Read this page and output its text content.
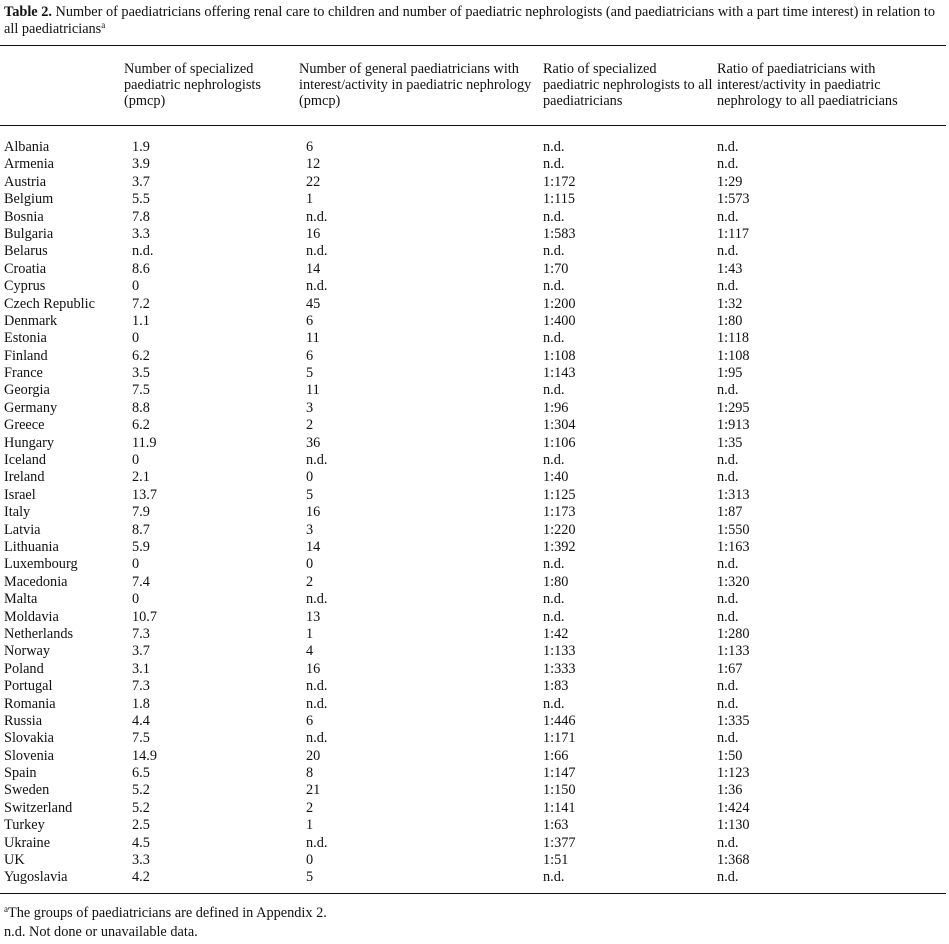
Table 2. Number of paediatricians offering renal care to children and number of paediatric nephrologists (and paediatricians with a part time interest) in relation to all paediatricians$^a$
Number of specialized paediatric nephrologists (pmcp)
Number of general paediatricians with interest/activity in paediatric nephrology (pmcp)
Ratio of specialized paediatric nephrologists to all paediatricians
Ratio of paediatricians with interest/activity in paediatric nephrology to all paediatricians
Albania	1.9	6	n.d.	n.d.
Armenia	3.9	12	n.d.	n.d.
Austria	3.7	22	1:172	1:29
Belgium	5.5	1	1:115	1:573
Bosnia	7.8	n.d.	n.d.	n.d.
Bulgaria	3.3	16	1:583	1:117
Belarus	n.d.	n.d.	n.d.	n.d.
Croatia	8.6	14	1:70	1:43
Cyprus	0	n.d.	n.d.	n.d.
Czech Republic	7.2	45	1:200	1:32
Denmark	1.1	6	1:400	1:80
Estonia	0	11	n.d.	1:118
Finland	6.2	6	1:108	1:108
France	3.5	5	1:143	1:95
Georgia	7.5	11	n.d.	n.d.
Germany	8.8	3	1:96	1:295
Greece	6.2	2	1:304	1:913
Hungary	11.9	36	1:106	1:35
Iceland	0	n.d.	n.d.	n.d.
Ireland	2.1	0	1:40	n.d.
Israel	13.7	5	1:125	1:313
Italy	7.9	16	1:173	1:87
Latvia	8.7	3	1:220	1:550
Lithuania	5.9	14	1:392	1:163
Luxembourg	0	0	n.d.	n.d.
Macedonia	7.4	2	1:80	1:320
Malta	0	n.d.	n.d.	n.d.
Moldavia	10.7	13	n.d.	n.d.
Netherlands	7.3	1	1:42	1:280
Norway	3.7	4	1:133	1:133
Poland	3.1	16	1:333	1:67
Portugal	7.3	n.d.	1:83	n.d.
Romania	1.8	n.d.	n.d.	n.d.
Russia	4.4	6	1:446	1:335
Slovakia	7.5	n.d.	1:171	n.d.
Slovenia	14.9	20	1:66	1:50
Spain	6.5	8	1:147	1:123
Sweden	5.2	21	1:150	1:36
Switzerland	5.2	2	1:141	1:424
Turkey	2.5	1	1:63	1:130
Ukraine	4.5	n.d.	1:377	n.d.
UK	3.3	0	1:51	1:368
Yugoslavia	4.2	5	n.d.	n.d.
$^a$The groups of paediatricians are defined in Appendix 2.
n.d. Not done or unavailable data.
